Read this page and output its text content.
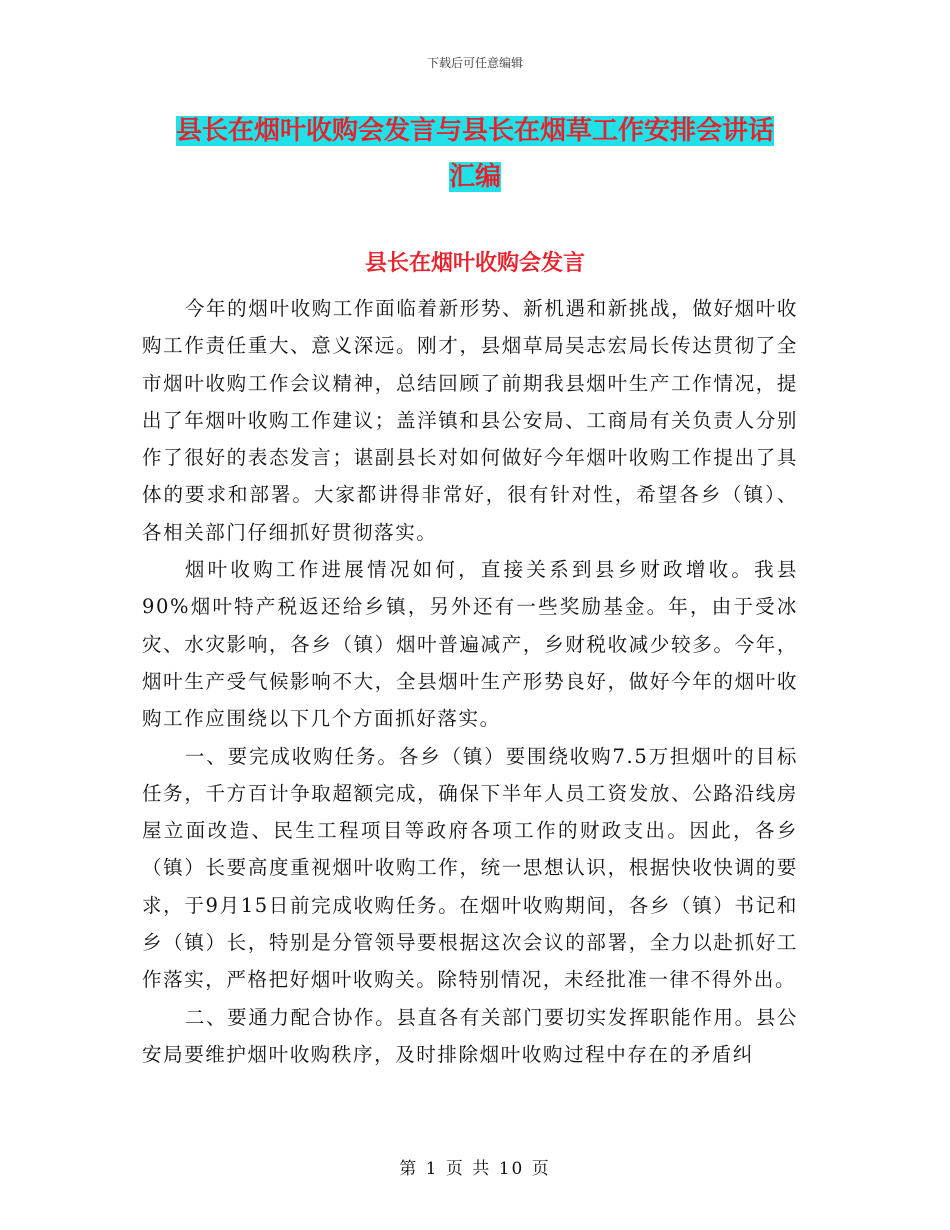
下载后可任意编辑
县长在烟叶收购会发言与县长在烟草工作安排会讲话
汇编
县长在烟叶收购会发言

今年的烟叶收购工作面临着新形势、新机遇和新挑战，做好烟叶收购工作责任重大、意义深远。刚才，县烟草局吴志宏局长传达贯彻了全市烟叶收购工作会议精神，总结回顾了前期我县烟叶生产工作情况，提出了年烟叶收购工作建议；盖洋镇和县公安局、工商局有关负责人分别作了很好的表态发言；谌副县长对如何做好今年烟叶收购工作提出了具体的要求和部署。大家都讲得非常好，很有针对性，希望各乡（镇）、各相关部门仔细抓好贯彻落实。

烟叶收购工作进展情况如何，直接关系到县乡财政增收。我县90%烟叶特产税返还给乡镇，另外还有一些奖励基金。年，由于受冰灾、水灾影响，各乡（镇）烟叶普遍减产，乡财税收减少较多。今年，烟叶生产受气候影响不大，全县烟叶生产形势良好，做好今年的烟叶收购工作应围绕以下几个方面抓好落实。

一、要完成收购任务。各乡（镇）要围绕收购7.5万担烟叶的目标任务，千方百计争取超额完成，确保下半年人员工资发放、公路沿线房屋立面改造、民生工程项目等政府各项工作的财政支出。因此，各乡（镇）长要高度重视烟叶收购工作，统一思想认识，根据快收快调的要求，于9月15日前完成收购任务。在烟叶收购期间，各乡（镇）书记和乡（镇）长，特别是分管领导要根据这次会议的部署，全力以赴抓好工作落实，严格把好烟叶收购关。除特别情况，未经批准一律不得外出。

二、要通力配合协作。县直各有关部门要切实发挥职能作用。县公安局要维护烟叶收购秩序，及时排除烟叶收购过程中存在的矛盾纠

第 1 页 共 10 页
